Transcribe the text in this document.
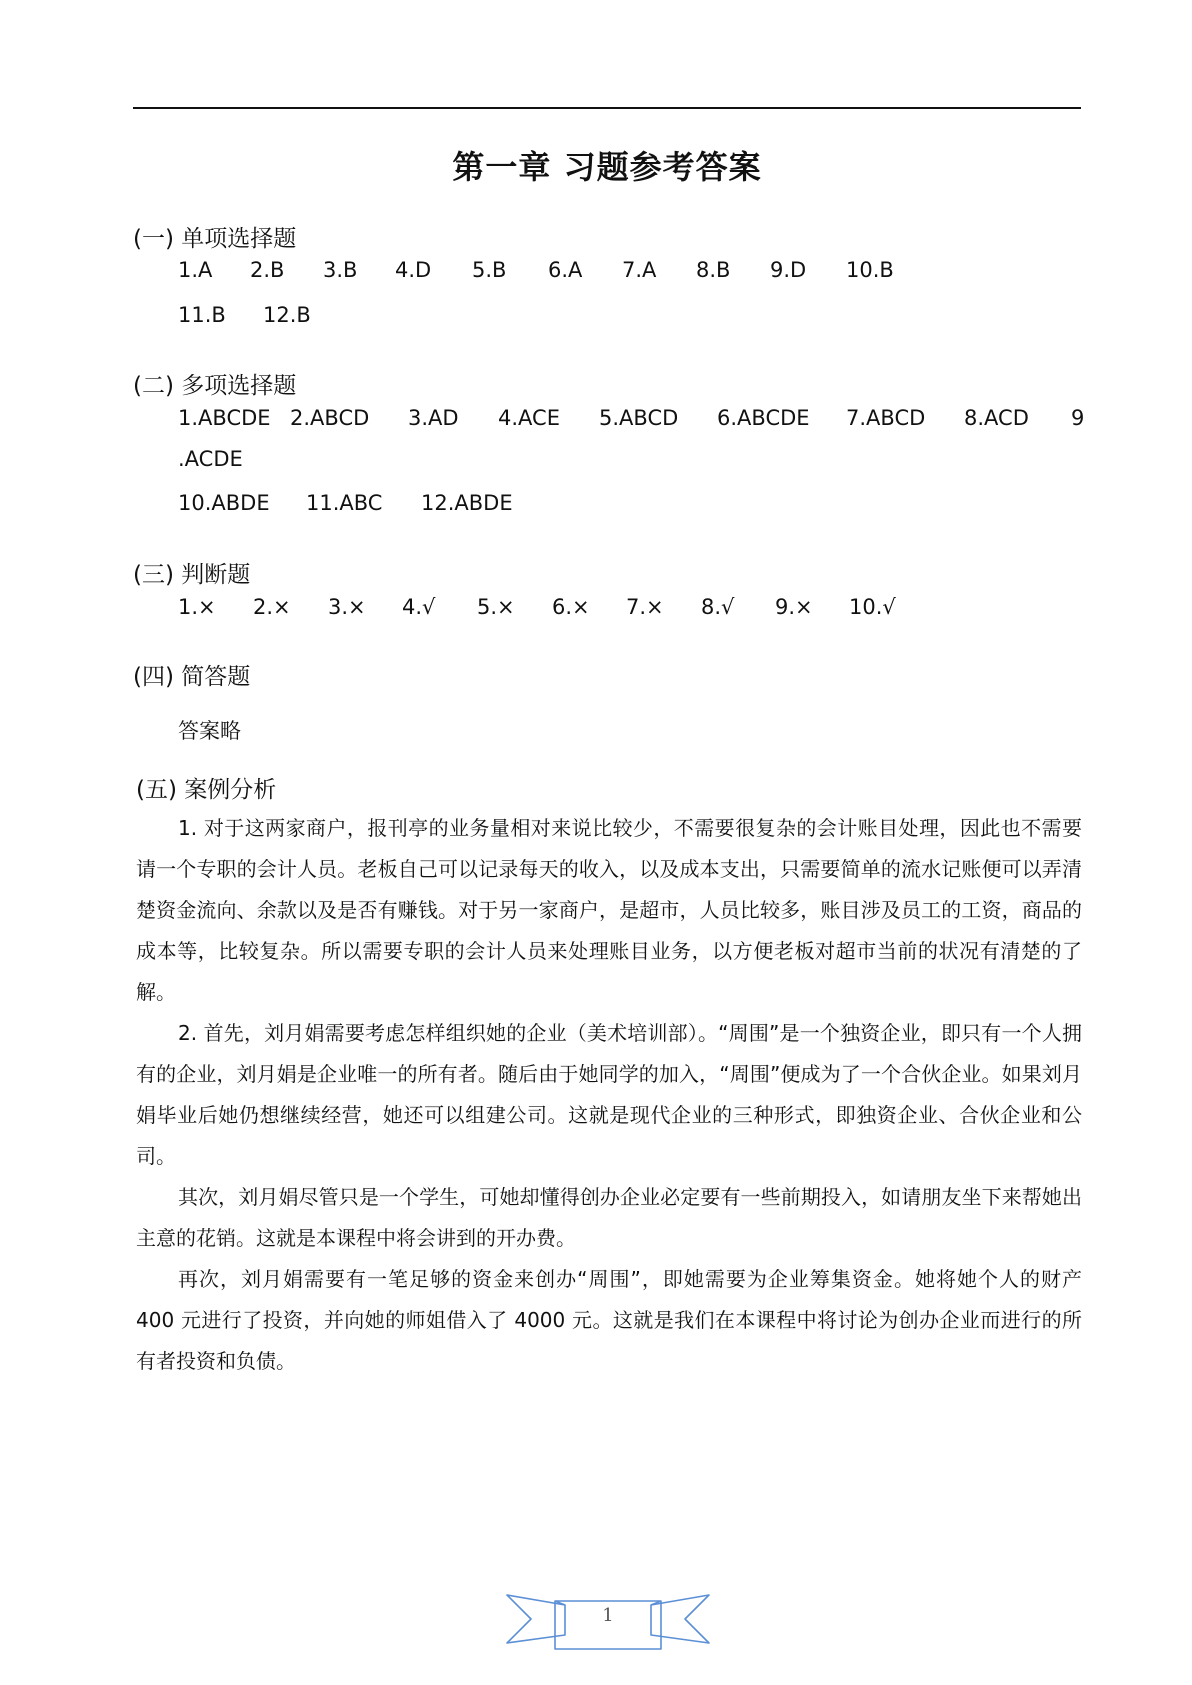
第一章 习题参考答案
(一) 单项选择题
1.A 2.B 3.B 4.D 5.B 6.A 7.A 8.B 9.D 10.B
11.B 12.B
(二) 多项选择题
1.ABCDE 2.ABCD 3.AD 4.ACE 5.ABCD 6.ABCDE 7.ABCD 8.ACD 9
.ACDE
10.ABDE 11.ABC 12.ABDE
(三) 判断题
1.× 2.× 3.× 4.√ 5.× 6.× 7.× 8.√ 9.× 10.√
(四) 简答题
答案略
(五) 案例分析

1. 对于这两家商户，报刊亭的业务量相对来说比较少，不需要很复杂的会计账目处理，因此也不需要请一个专职的会计人员。老板自己可以记录每天的收入，以及成本支出，只需要简单的流水记账便可以弄清楚资金流向、余款以及是否有赚钱。对于另一家商户，是超市，人员比较多，账目涉及员工的工资，商品的成本等，比较复杂。所以需要专职的会计人员来处理账目业务，以方便老板对超市当前的状况有清楚的了解。

2. 首先，刘月娟需要考虑怎样组织她的企业（美术培训部）。“周围”是一个独资企业，即只有一个人拥有的企业，刘月娟是企业唯一的所有者。随后由于她同学的加入，“周围”便成为了一个合伙企业。如果刘月娟毕业后她仍想继续经营，她还可以组建公司。这就是现代企业的三种形式，即独资企业、合伙企业和公司。

其次，刘月娟尽管只是一个学生，可她却懂得创办企业必定要有一些前期投入，如请朋友坐下来帮她出主意的花销。这就是本课程中将会讲到的开办费。

再次，刘月娟需要有一笔足够的资金来创办“周围”，即她需要为企业筹集资金。她将她个人的财产 400 元进行了投资，并向她的师姐借入了 4000 元。这就是我们在本课程中将讨论为创办企业而进行的所有者投资和负债。

1
